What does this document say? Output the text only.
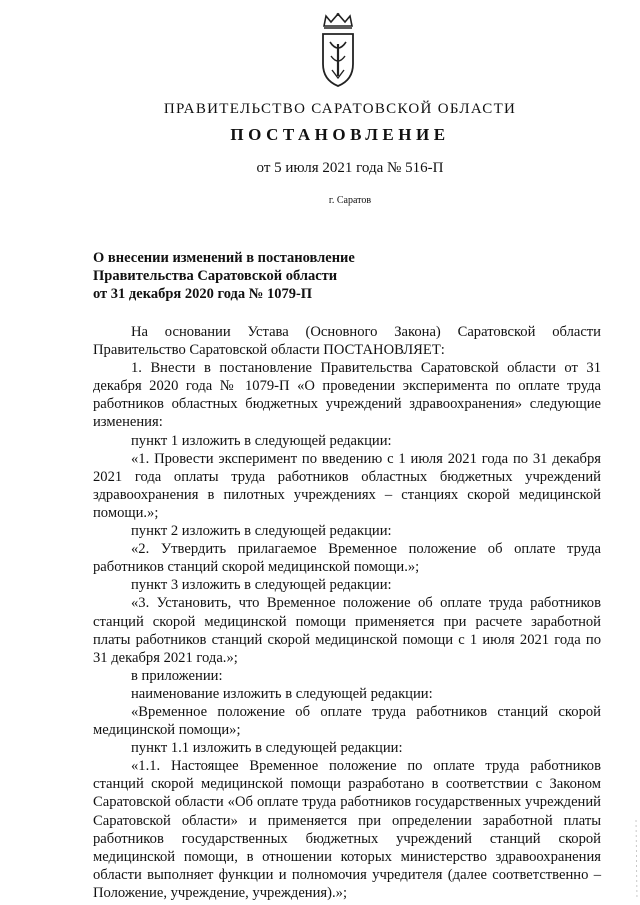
ПРАВИТЕЛЬСТВО САРАТОВСКОЙ ОБЛАСТИ
ПОСТАНОВЛЕНИЕ
от 5 июля 2021 года № 516-П
г. Саратов
О внесении изменений в постановление
Правительства Саратовской области
от 31 декабря 2020 года № 1079-П

На основании Устава (Основного Закона) Саратовской области Правительство Саратовской области ПОСТАНОВЛЯЕТ:

1. Внести в постановление Правительства Саратовской области от 31 декабря 2020 года № 1079-П «О проведении эксперимента по оплате труда работников областных бюджетных учреждений здравоохранения» следующие изменения:

пункт 1 изложить в следующей редакции:

«1. Провести эксперимент по введению с 1 июля 2021 года по 31 декабря 2021 года оплаты труда работников областных бюджетных учреждений здравоохранения в пилотных учреждениях – станциях скорой медицинской помощи.»;

пункт 2 изложить в следующей редакции:

«2. Утвердить прилагаемое Временное положение об оплате труда работников станций скорой медицинской помощи.»;

пункт 3 изложить в следующей редакции:

«3. Установить, что Временное положение об оплате труда работников станций скорой медицинской помощи применяется при расчете заработной платы работников станций скорой медицинской помощи с 1 июля 2021 года по 31 декабря 2021 года.»;

в приложении:

наименование изложить в следующей редакции:

«Временное положение об оплате труда работников станций скорой медицинской помощи»;

пункт 1.1 изложить в следующей редакции:

«1.1. Настоящее Временное положение по оплате труда работников станций скорой медицинской помощи разработано в соответствии с Законом Саратовской области «Об оплате труда работников государственных учреждений Саратовской области» и применяется при определении заработной платы работников государственных бюджетных учреждений станций скорой медицинской помощи, в отношении которых министерство здравоохранения области выполняет функции и полномочия учредителя (далее соответственно – Положение, учреждение, учреждения).»;
